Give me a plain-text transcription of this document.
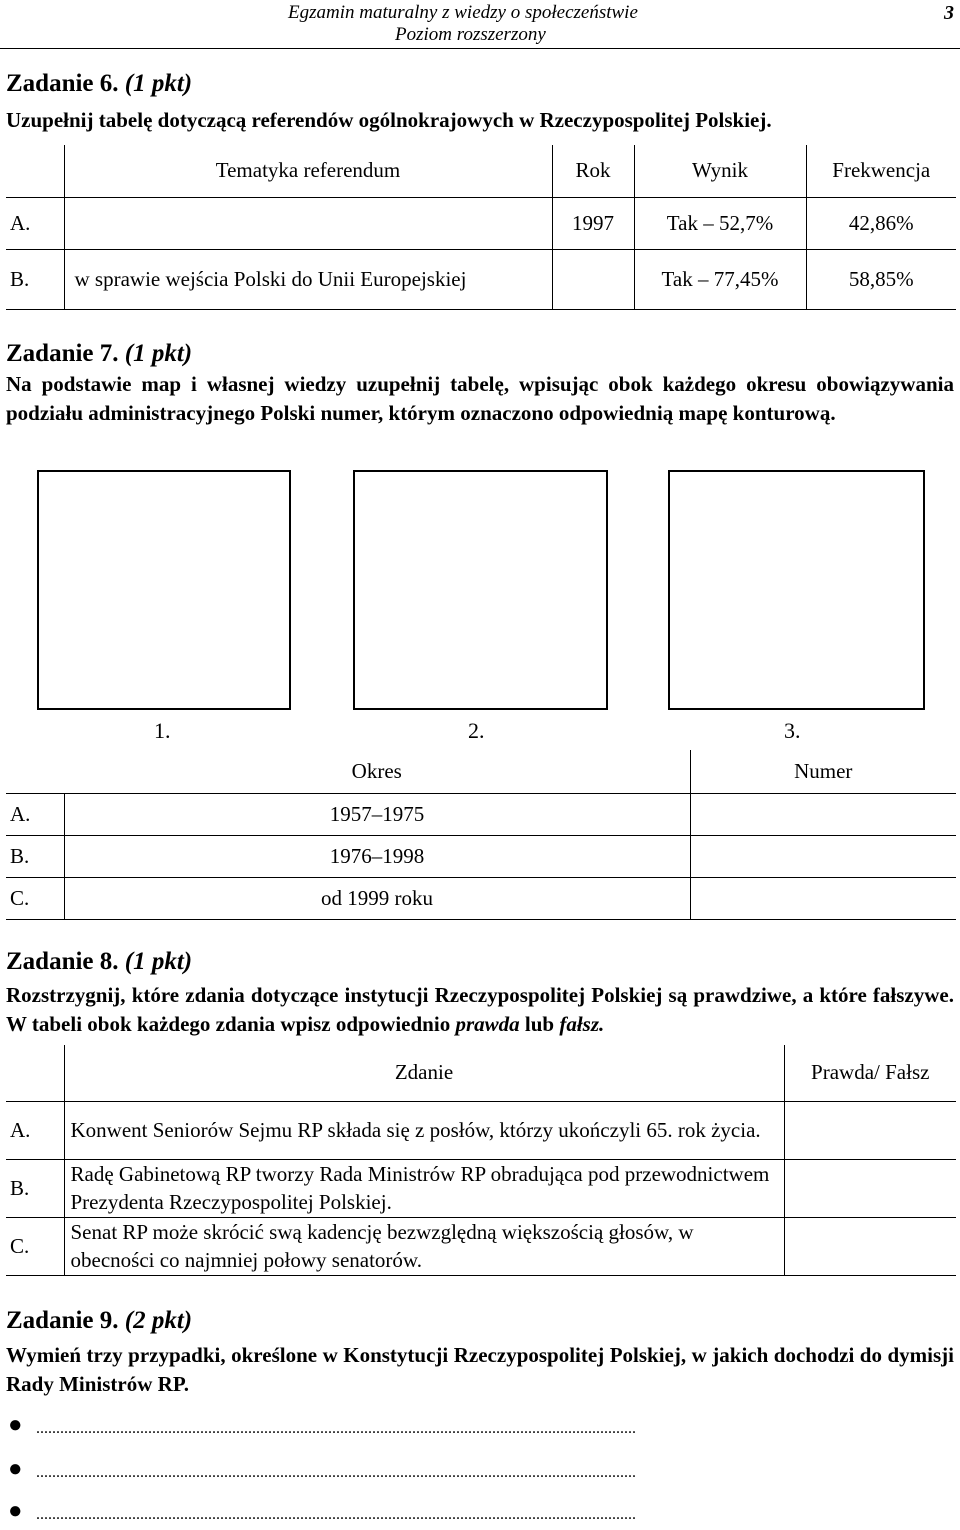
Egzamin maturalny z wiedzy o społeczeństwie
Poziom rozszerzony
3
Zadanie 6. (1 pkt)
Uzupełnij tabelę dotyczącą referendów ogólnokrajowych w Rzeczypospolitej Polskiej.
	Tematyka referendum	Rok	Wynik	Frekwencja
A.		1997	Tak – 52,7%	42,86%
B.	w sprawie wejścia Polski do Unii Europejskiej		Tak – 77,45%	58,85%
Zadanie 7. (1 pkt)
Na podstawie map i własnej wiedzy uzupełnij tabelę, wpisując obok każdego okresu obowiązywania podziału administracyjnego Polski numer, którym oznaczono odpowiednią mapę konturową.
1.	2.	3.
	Okres	Numer
A.	1957–1975	
B.	1976–1998	
C.	od 1999 roku	
Zadanie 8. (1 pkt)
Rozstrzygnij, które zdania dotyczące instytucji Rzeczypospolitej Polskiej są prawdziwe, a które fałszywe. W tabeli obok każdego zdania wpisz odpowiednio prawda lub fałsz.
	Zdanie	Prawda/ Fałsz
A.	Konwent Seniorów Sejmu RP składa się z posłów, którzy ukończyli 65. rok życia.	
B.	Radę Gabinetową RP tworzy Rada Ministrów RP obradująca pod przewodnictwem Prezydenta Rzeczypospolitej Polskiej.	
C.	Senat RP może skrócić swą kadencję bezwzględną większością głosów, w obecności co najmniej połowy senatorów.	
Zadanie 9. (2 pkt)
Wymień trzy przypadki, określone w Konstytucji Rzeczypospolitej Polskiej, w jakich dochodzi do dymisji Rady Ministrów RP.
● ......................................................................................................................................................
● ......................................................................................................................................................
● ......................................................................................................................................................
